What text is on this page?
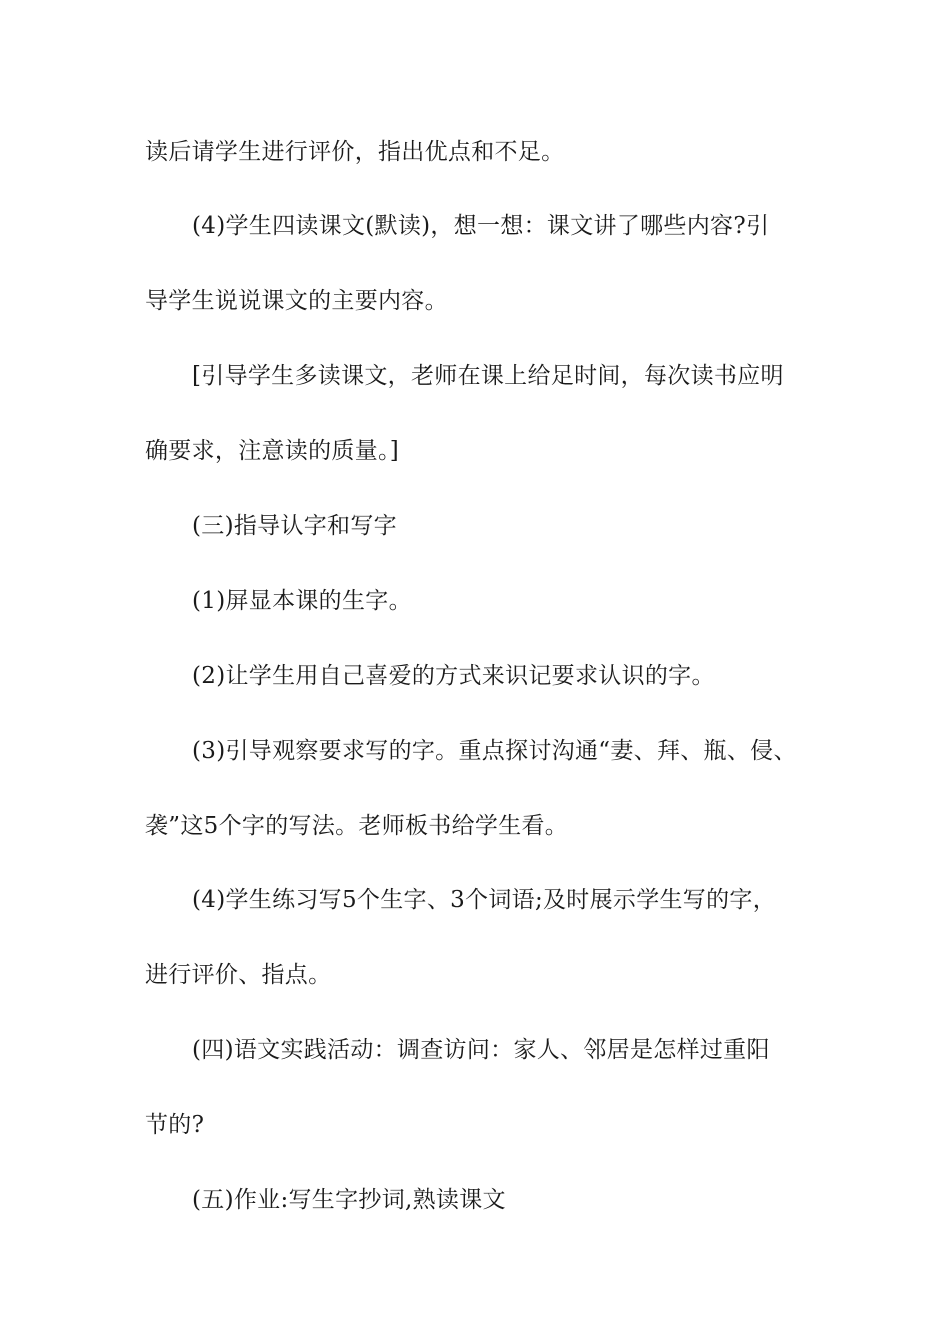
读后请学生进行评价，指出优点和不足。
(4)学生四读课文(默读)，想一想：课文讲了哪些内容?引
导学生说说课文的主要内容。
[引导学生多读课文，老师在课上给足时间，每次读书应明
确要求，注意读的质量。]
(三)指导认字和写字
(1)屏显本课的生字。
(2)让学生用自己喜爱的方式来识记要求认识的字。
(3)引导观察要求写的字。重点探讨沟通“妻、拜、瓶、侵、
袭”这5个字的写法。老师板书给学生看。
(4)学生练习写5个生字、3个词语;及时展示学生写的字，
进行评价、指点。
(四)语文实践活动：调查访问：家人、邻居是怎样过重阳
节的?
(五)作业:写生字抄词,熟读课文
